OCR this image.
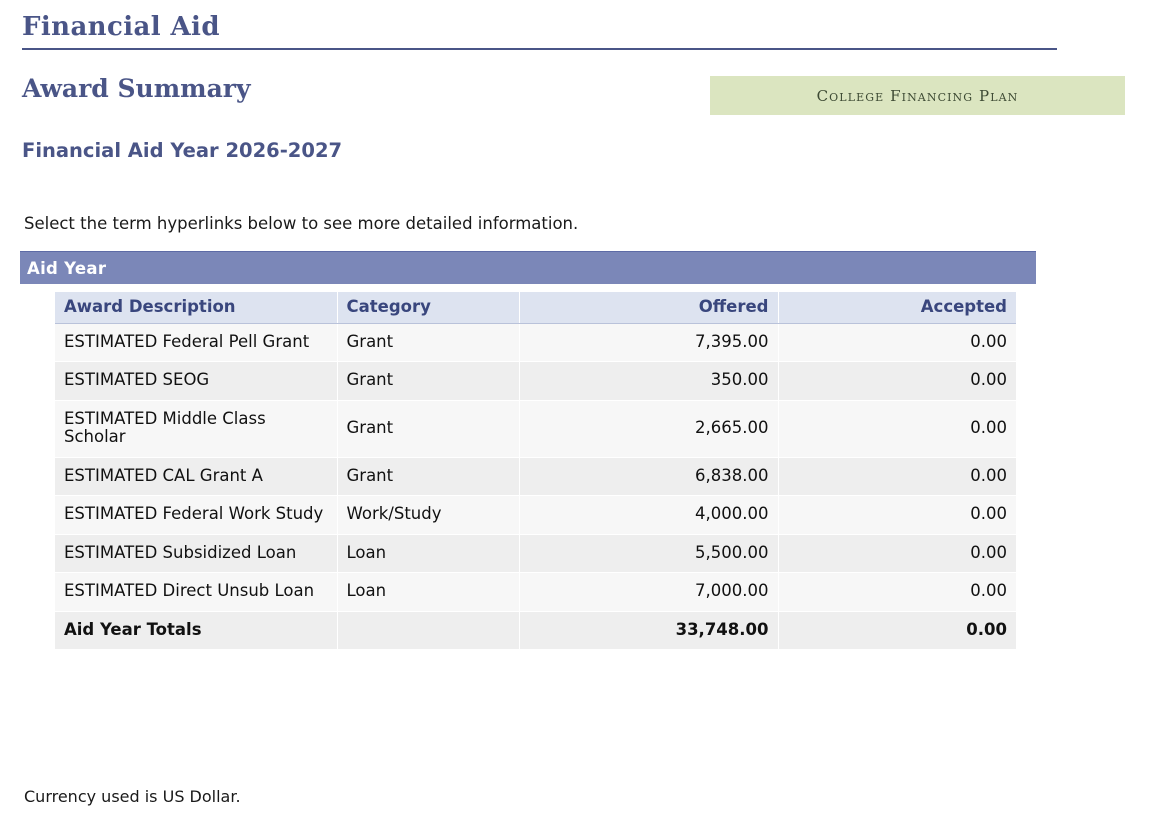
Financial Aid
Award Summary	College Financing Plan
Financial Aid Year 2026-2027
Select the term hyperlinks below to see more detailed information.
Aid Year
Award Description	Category	Offered	Accepted
ESTIMATED Federal Pell Grant	Grant	7,395.00	0.00
ESTIMATED SEOG	Grant	350.00	0.00
ESTIMATED Middle Class Scholar	Grant	2,665.00	0.00
ESTIMATED CAL Grant A	Grant	6,838.00	0.00
ESTIMATED Federal Work Study	Work/Study	4,000.00	0.00
ESTIMATED Subsidized Loan	Loan	5,500.00	0.00
ESTIMATED Direct Unsub Loan	Loan	7,000.00	0.00
Aid Year Totals		33,748.00	0.00
Currency used is US Dollar.
